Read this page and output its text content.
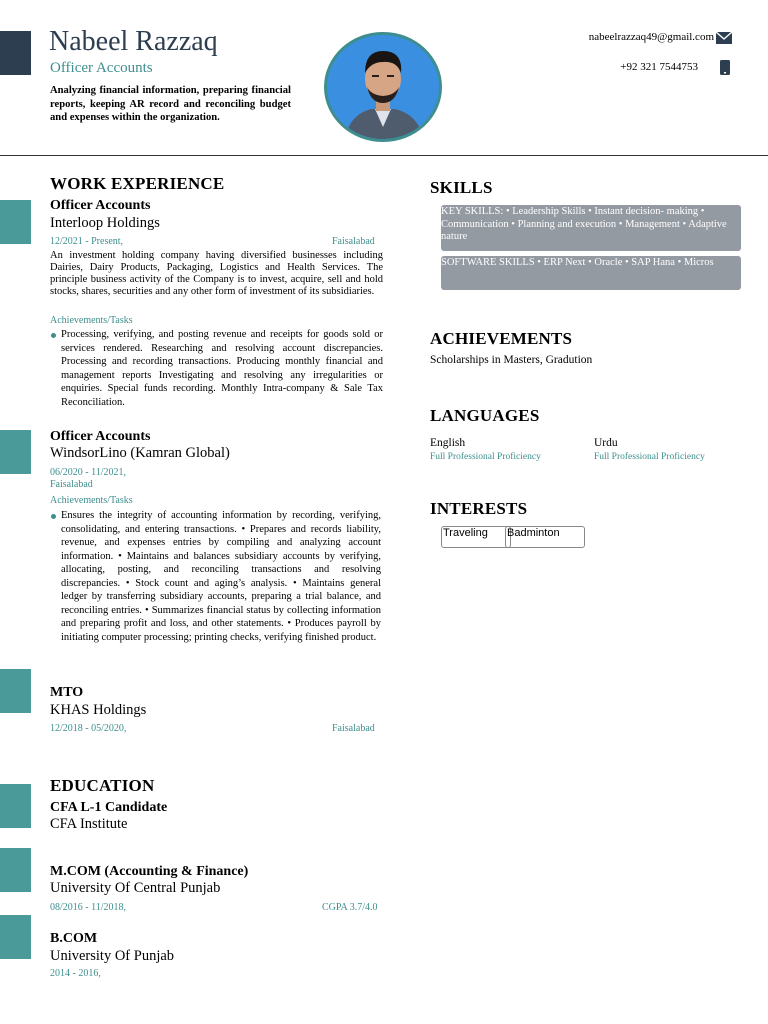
Nabeel Razzaq
Officer Accounts
Analyzing financial information, preparing financial reports, keeping AR record and reconciling budget and expenses within the organization.
nabeelrazzaq49@gmail.com
+92 321 7544753
WORK EXPERIENCE
Officer Accounts
Interloop Holdings
12/2021 - Present,	Faisalabad
An investment holding company having diversified businesses including Dairies, Dairy Products, Packaging, Logistics and Health Services. The principle business activity of the Company is to invest, acquire, sell and hold stocks, shares, securities and any other form of investment of its subsidiaries.
Achievements/Tasks
Processing, verifying, and posting revenue and receipts for goods sold or services rendered. Researching and resolving account discrepancies. Processing and recording transactions. Producing monthly financial and management reports Investigating and resolving any irregularities or enquiries. Special funds recording. Monthly Intra-company & Sale Tax Reconciliation.
Officer Accounts
WindsorLino (Kamran Global)
06/2020 - 11/2021,
Faisalabad
Achievements/Tasks
Ensures the integrity of accounting information by recording, verifying, consolidating, and entering transactions. • Prepares and records liability, revenue, and expenses entries by compiling and analyzing account information. • Maintains and balances subsidiary accounts by verifying, allocating, posting, and reconciling transactions and resolving discrepancies. • Stock count and aging’s analysis. • Maintains general ledger by transferring subsidiary accounts, preparing a trial balance, and reconciling entries. • Summarizes financial status by collecting information and preparing profit and loss, and other statements. • Produces payroll by initiating computer processing; printing checks, verifying finished product.
MTO
KHAS Holdings
12/2018 - 05/2020,	Faisalabad
EDUCATION
CFA L-1 Candidate
CFA Institute
M.COM (Accounting & Finance)
University Of Central Punjab
08/2016 - 11/2018,	CGPA 3.7/4.0
B.COM
University Of Punjab
2014 - 2016,
SKILLS
KEY SKILLS: • Leadership Skills • Instant decision- making • Communication • Planning and execution • Management • Adaptive nature
SOFTWARE SKILLS • ERP Next • Oracle • SAP Hana • Micros
ACHIEVEMENTS
Scholarships in Masters, Gradution
LANGUAGES
English
Full Professional Proficiency
Urdu
Full Professional Proficiency
INTERESTS
Traveling	Badminton
